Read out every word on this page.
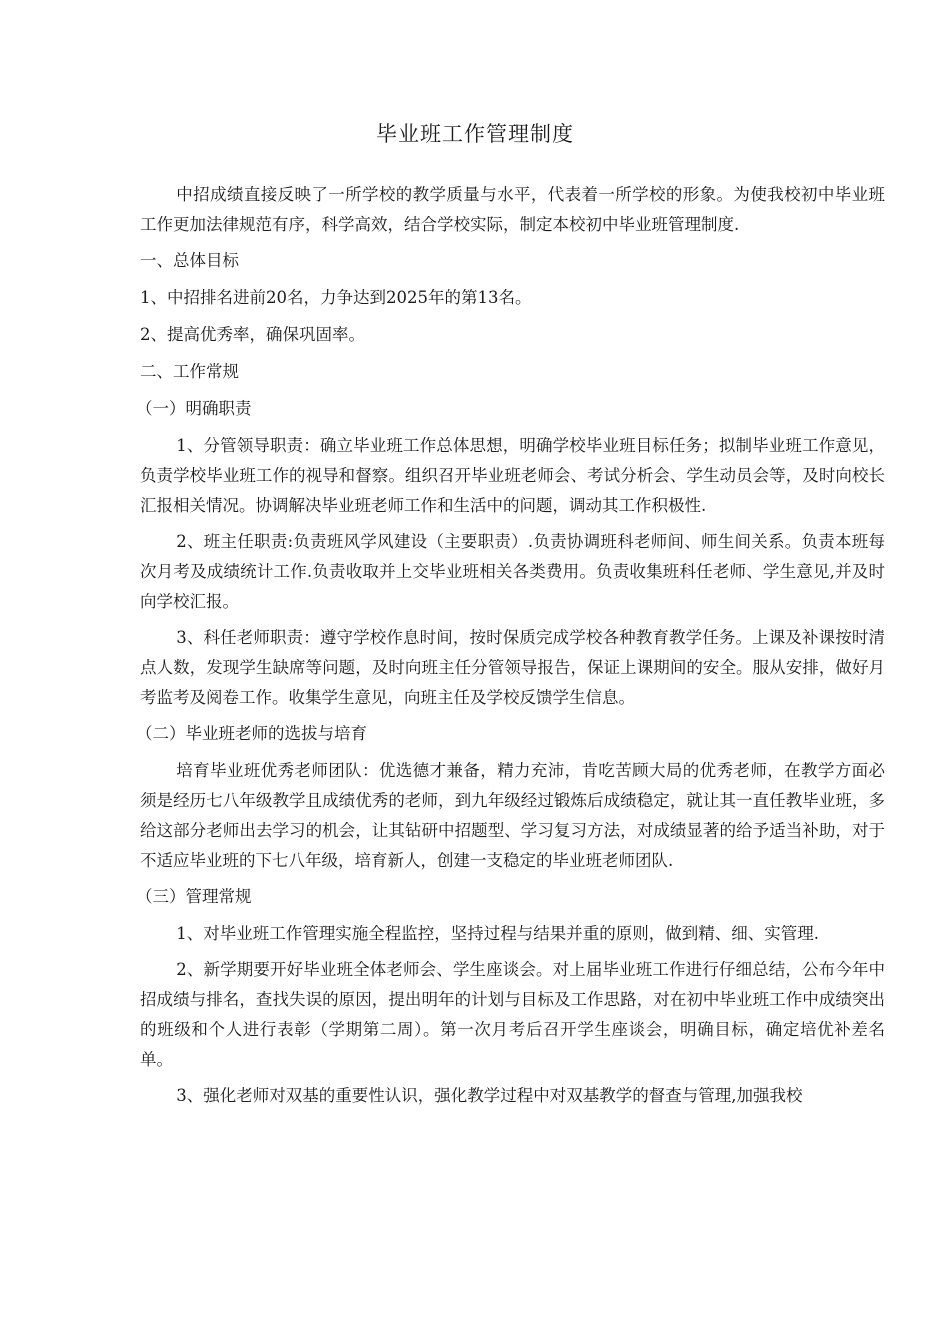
毕业班工作管理制度

中招成绩直接反映了一所学校的教学质量与水平，代表着一所学校的形象。为使我校初中毕业班工作更加法律规范有序，科学高效，结合学校实际，制定本校初中毕业班管理制度.

一、总体目标

1、中招排名进前20名，力争达到2025年的第13名。

2、提高优秀率，确保巩固率。

二、工作常规

（一）明确职责

1、分管领导职责：确立毕业班工作总体思想，明确学校毕业班目标任务；拟制毕业班工作意见，负责学校毕业班工作的视导和督察。组织召开毕业班老师会、考试分析会、学生动员会等，及时向校长汇报相关情况。协调解决毕业班老师工作和生活中的问题，调动其工作积极性.

2、班主任职责:负责班风学风建设（主要职责）.负责协调班科老师间、师生间关系。负责本班每次月考及成绩统计工作.负责收取并上交毕业班相关各类费用。负责收集班科任老师、学生意见,并及时向学校汇报。

3、科任老师职责：遵守学校作息时间，按时保质完成学校各种教育教学任务。上课及补课按时清点人数，发现学生缺席等问题，及时向班主任分管领导报告，保证上课期间的安全。服从安排，做好月考监考及阅卷工作。收集学生意见，向班主任及学校反馈学生信息。

（二）毕业班老师的选拔与培育

培育毕业班优秀老师团队：优选德才兼备，精力充沛，肯吃苦顾大局的优秀老师，在教学方面必须是经历七八年级教学且成绩优秀的老师，到九年级经过锻炼后成绩稳定，就让其一直任教毕业班，多给这部分老师出去学习的机会，让其钻研中招题型、学习复习方法，对成绩显著的给予适当补助，对于不适应毕业班的下七八年级，培育新人，创建一支稳定的毕业班老师团队.

（三）管理常规

1、对毕业班工作管理实施全程监控，坚持过程与结果并重的原则，做到精、细、实管理.

2、新学期要开好毕业班全体老师会、学生座谈会。对上届毕业班工作进行仔细总结，公布今年中招成绩与排名，查找失误的原因，提出明年的计划与目标及工作思路，对在初中毕业班工作中成绩突出的班级和个人进行表彰（学期第二周）。第一次月考后召开学生座谈会，明确目标，确定培优补差名单。

3、强化老师对双基的重要性认识，强化教学过程中对双基教学的督查与管理,加强我校
